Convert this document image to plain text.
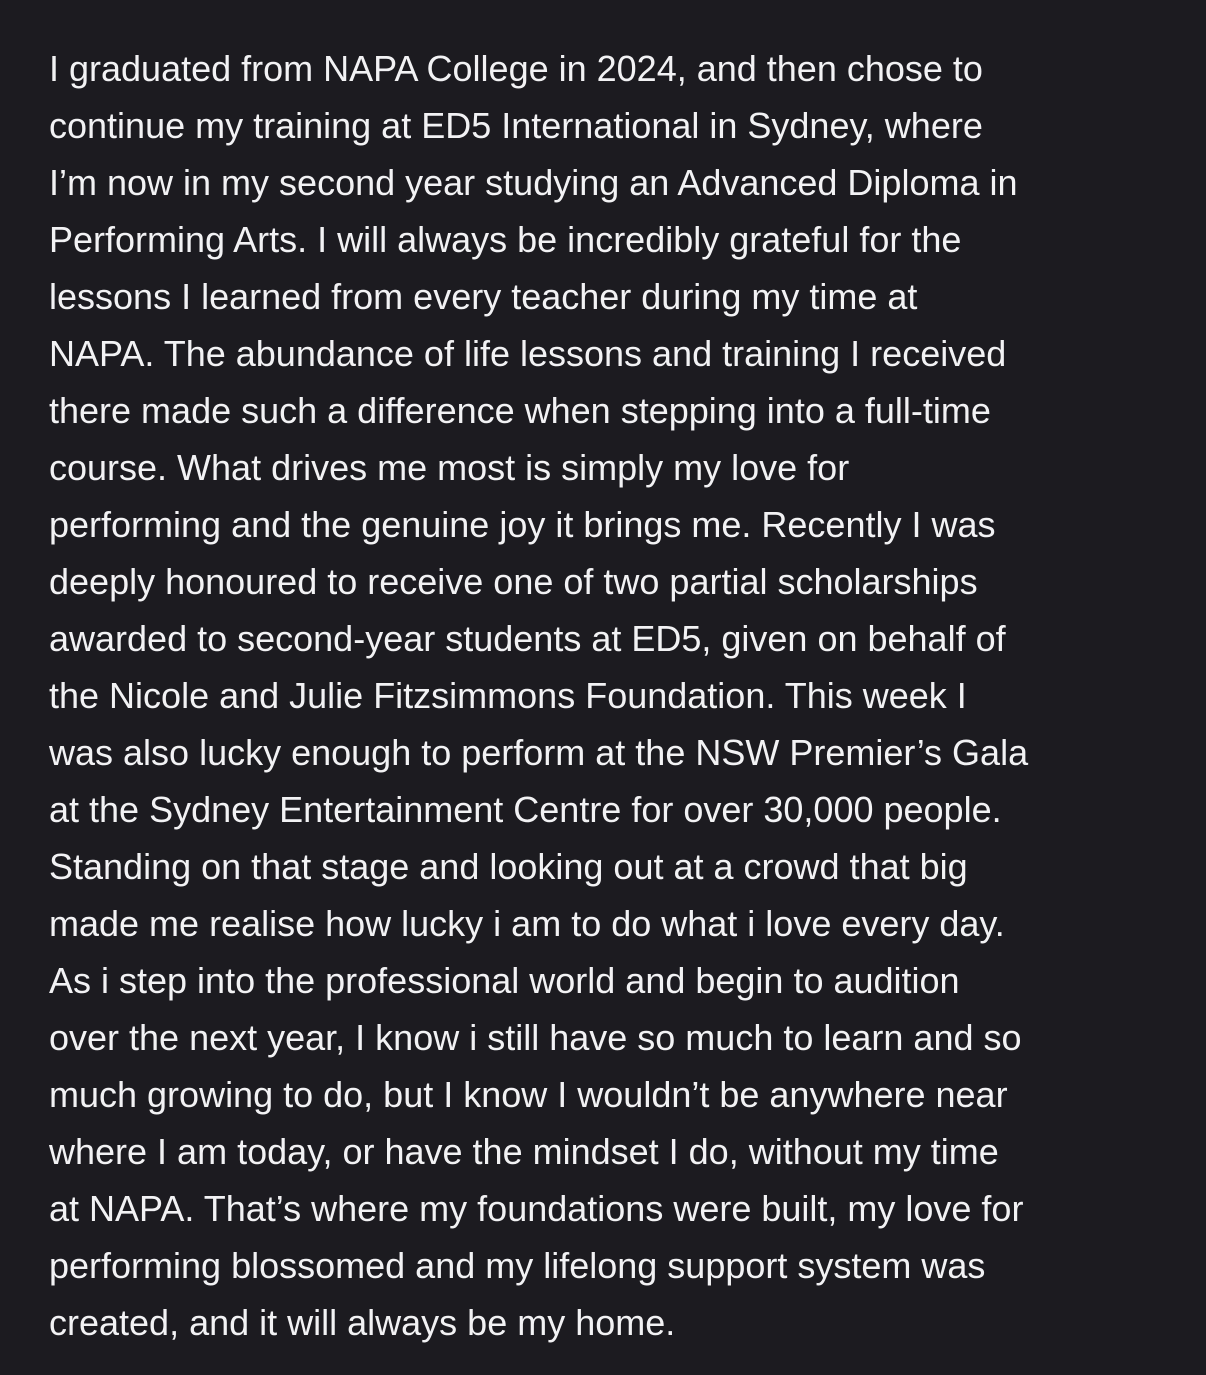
I graduated from NAPA College in 2024, and then chose to
continue my training at ED5 International in Sydney, where
I’m now in my second year studying an Advanced Diploma in
Performing Arts. I will always be incredibly grateful for the
lessons I learned from every teacher during my time at
NAPA. The abundance of life lessons and training I received
there made such a difference when stepping into a full-time
course. What drives me most is simply my love for
performing and the genuine joy it brings me. Recently I was
deeply honoured to receive one of two partial scholarships
awarded to second-year students at ED5, given on behalf of
the Nicole and Julie Fitzsimmons Foundation. This week I
was also lucky enough to perform at the NSW Premier’s Gala
at the Sydney Entertainment Centre for over 30,000 people.
Standing on that stage and looking out at a crowd that big
made me realise how lucky i am to do what i love every day.
As i step into the professional world and begin to audition
over the next year, I know i still have so much to learn and so
much growing to do, but I know I wouldn’t be anywhere near
where I am today, or have the mindset I do, without my time
at NAPA. That’s where my foundations were built, my love for
performing blossomed and my lifelong support system was
created, and it will always be my home.
